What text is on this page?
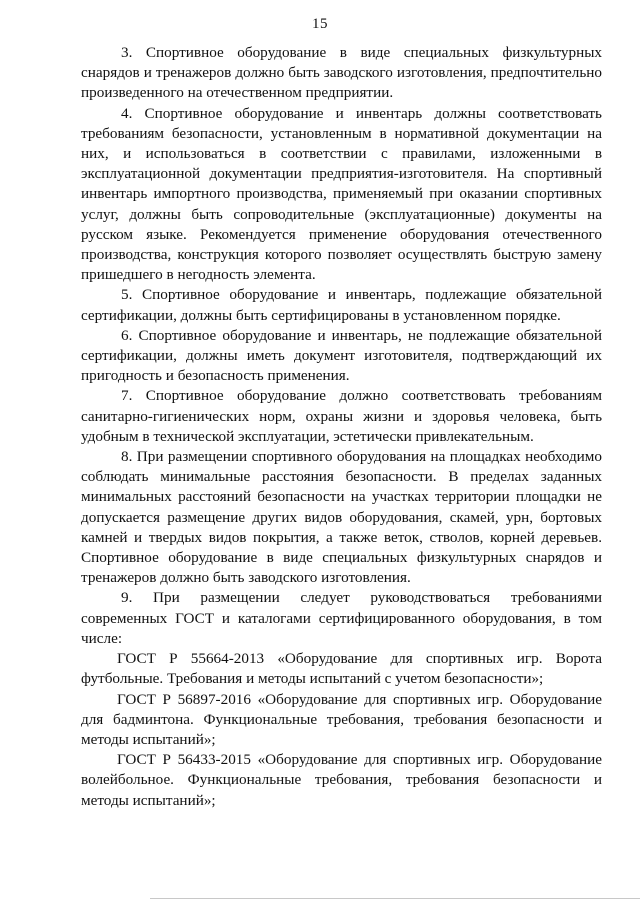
15

3. Спортивное оборудование в виде специальных физкультурных снарядов и тренажеров должно быть заводского изготовления, предпочтительно произведенного на отечественном предприятии.

4. Спортивное оборудование и инвентарь должны соответствовать требованиям безопасности, установленным в нормативной документации на них, и использоваться в соответствии с правилами, изложенными в эксплуатационной документации предприятия-изготовителя. На спортивный инвентарь импортного производства, применяемый при оказании спортивных услуг, должны быть сопроводительные (эксплуатационные) документы на русском языке. Рекомендуется применение оборудования отечественного производства, конструкция которого позволяет осуществлять быструю замену пришедшего в негодность элемента.

5. Спортивное оборудование и инвентарь, подлежащие обязательной сертификации, должны быть сертифицированы в установленном порядке.

6. Спортивное оборудование и инвентарь, не подлежащие обязательной сертификации, должны иметь документ изготовителя, подтверждающий их пригодность и безопасность применения.

7. Спортивное оборудование должно соответствовать требованиям санитарно-гигиенических норм, охраны жизни и здоровья человека, быть удобным в технической эксплуатации, эстетически привлекательным.

8. При размещении спортивного оборудования на площадках необходимо соблюдать минимальные расстояния безопасности. В пределах заданных минимальных расстояний безопасности на участках территории площадки не допускается размещение других видов оборудования, скамей, урн, бортовых камней и твердых видов покрытия, а также веток, стволов, корней деревьев. Спортивное оборудование в виде специальных физкультурных снарядов и тренажеров должно быть заводского изготовления.

9. При размещении следует руководствоваться требованиями современных ГОСТ и каталогами сертифицированного оборудования, в том числе:

ГОСТ Р 55664-2013 «Оборудование для спортивных игр. Ворота футбольные. Требования и методы испытаний с учетом безопасности»;

ГОСТ Р 56897-2016 «Оборудование для спортивных игр. Оборудование для бадминтона. Функциональные требования, требования безопасности и методы испытаний»;

ГОСТ Р 56433-2015 «Оборудование для спортивных игр. Оборудование волейбольное. Функциональные требования, требования безопасности и методы испытаний»;
